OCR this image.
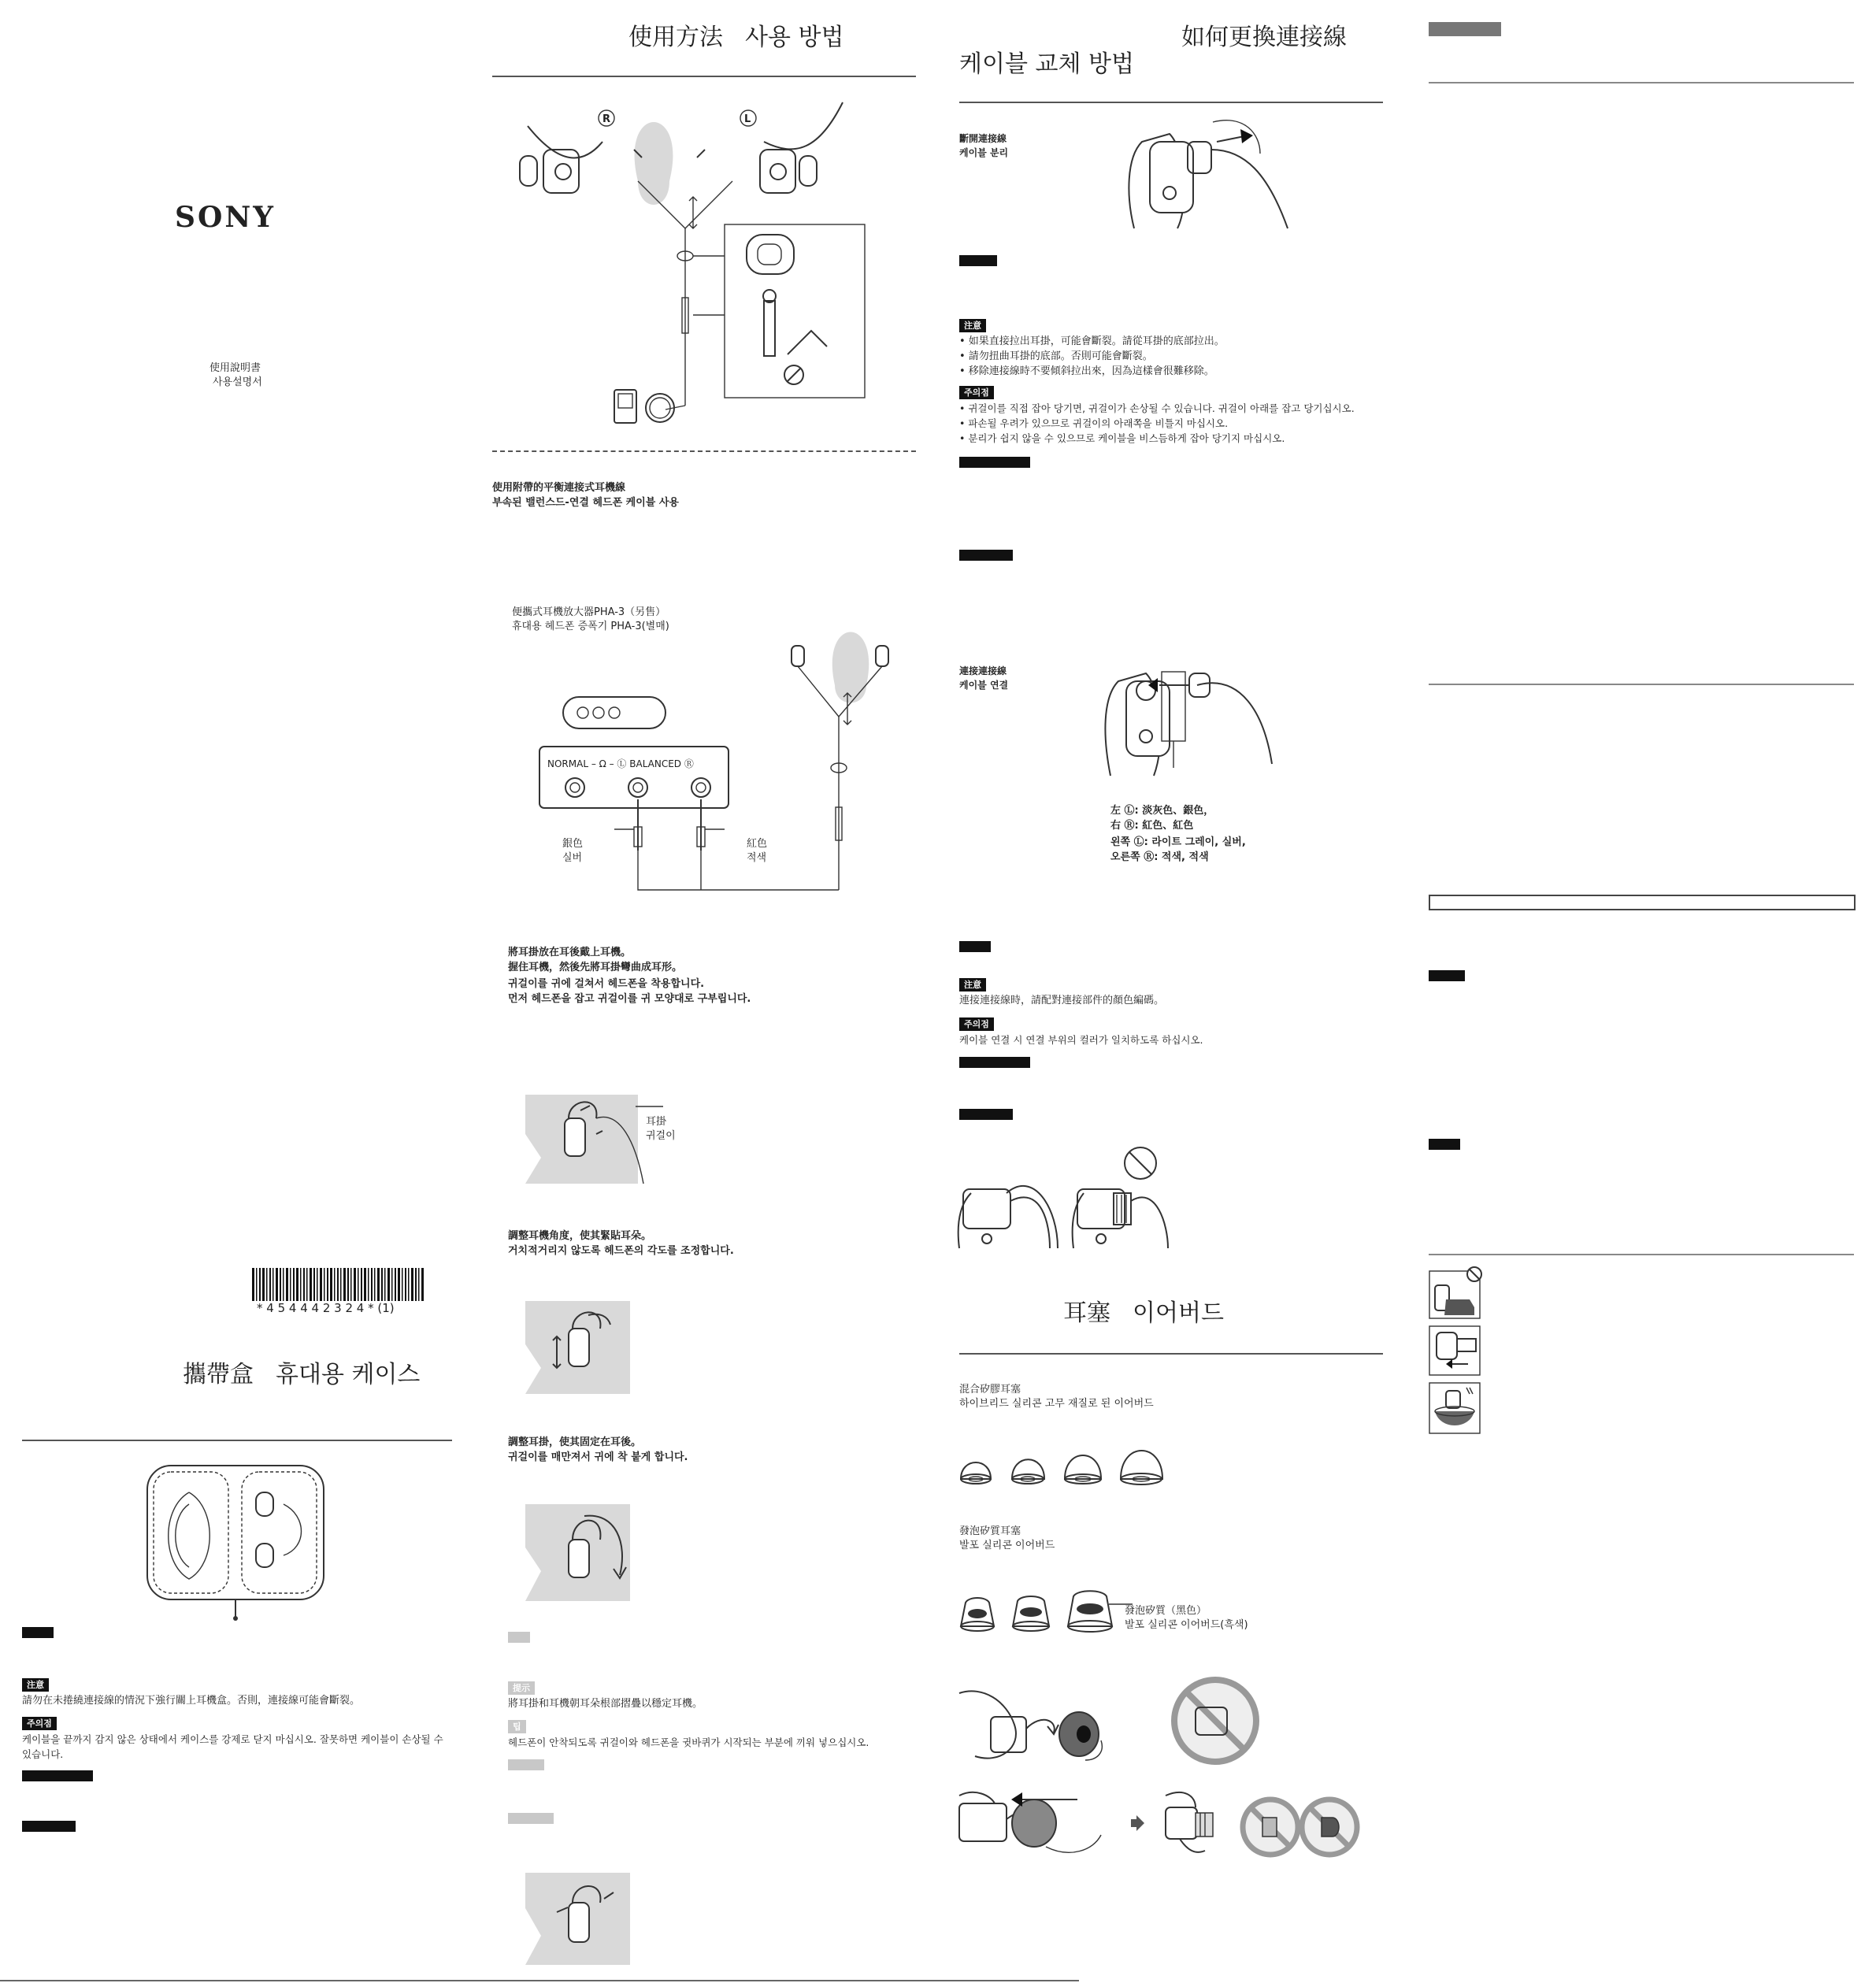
SONY
使用說明書
사용설명서
* 4 5 4 4 4 2 3 2 4 * (1)
攜帶盒 휴대용 케이스
注意
請勿在未捲繞連接線的情況下強行關上耳機盒。否則，連接線可能會斷裂。
주의점
케이블을 끝까지 감지 않은 상태에서 케이스를 강제로 닫지 마십시오. 잘못하면 케이블이 손상될 수
있습니다.
使用方法 사용 방법
R	L
使用附帶的平衡連接式耳機線
부속된 밸런스드-연결 헤드폰 케이블 사용
便攜式耳機放大器PHA-3（另售）
휴대용 헤드폰 증폭기 PHA-3(별매)
NORMAL – Ω – Ⓛ BALANCED Ⓡ
銀色
실버
紅色
적색
將耳掛放在耳後戴上耳機。
握住耳機，然後先將耳掛彎曲成耳形。
귀걸이를 귀에 걸쳐서 헤드폰을 착용합니다.
먼저 헤드폰을 잡고 귀걸이를 귀 모양대로 구부립니다.
耳掛
귀걸이
調整耳機角度，使其緊貼耳朵。
거치적거리지 않도록 헤드폰의 각도를 조정합니다.
調整耳掛，使其固定在耳後。
귀걸이를 매만져서 귀에 착 붙게 합니다.
提示
將耳掛和耳機朝耳朵根部摺疊以穩定耳機。
팁
헤드폰이 안착되도록 귀걸이와 헤드폰을 귓바퀴가 시작되는 부분에 끼워 넣으십시오.
如何更換連接線
케이블 교체 방법
斷開連接線
케이블 분리
注意
• 如果直接拉出耳掛，可能會斷裂。請從耳掛的底部拉出。
• 請勿扭曲耳掛的底部。否則可能會斷裂。
• 移除連接線時不要傾斜拉出來，因為這樣會很難移除。
주의점
• 귀걸이를 직접 잡아 당기면, 귀걸이가 손상될 수 있습니다. 귀걸이 아래를 잡고 당기십시오.
• 파손될 우려가 있으므로 귀걸이의 아래쪽을 비틀지 마십시오.
• 분리가 쉽지 않을 수 있으므로 케이블을 비스듬하게 잡아 당기지 마십시오.
連接連接線
케이블 연결
左 Ⓛ: 淡灰色、銀色，
右 Ⓡ: 紅色、紅色
왼쪽 Ⓛ: 라이트 그레이, 실버,
오른쪽 Ⓡ: 적색, 적색
注意
連接連接線時，請配對連接部件的顏色編碼。
주의점
케이블 연결 시 연결 부위의 컬러가 일치하도록 하십시오.
耳塞 이어버드
混合矽膠耳塞
하이브리드 실리콘 고무 재질로 된 이어버드
發泡矽質耳塞
발포 실리콘 이어버드
發泡矽質（黑色）
발포 실리콘 이어버드(흑색)
